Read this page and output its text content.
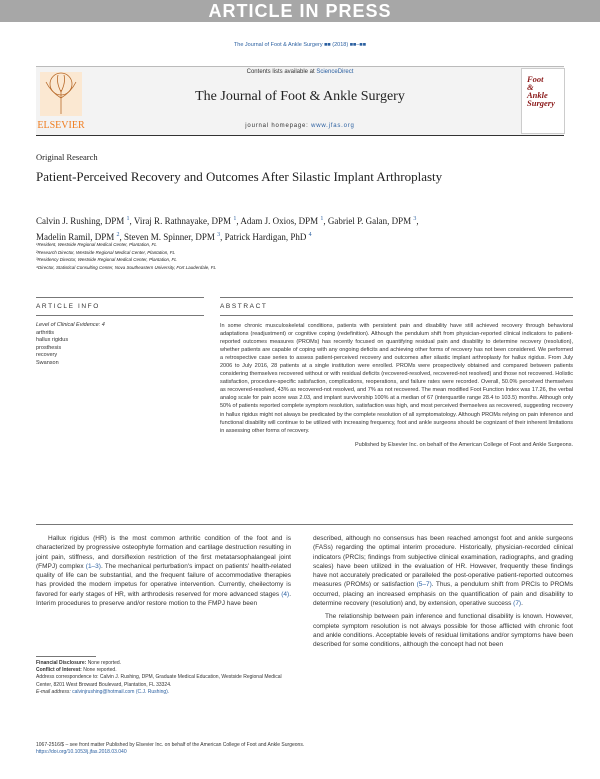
ARTICLE IN PRESS
The Journal of Foot & Ankle Surgery ■■ (2018) ■■–■■
ELSEVIER
Contents lists available at ScienceDirect
The Journal of Foot & Ankle Surgery
journal homepage: www.jfas.org
Foot
&
Ankle
Surgery
Original Research
Patient-Perceived Recovery and Outcomes After Silastic Implant Arthroplasty
Calvin J. Rushing, DPM $^1$, Viraj R. Rathnayake, DPM $^1$, Adam J. Oxios, DPM $^1$, Gabriel P. Galan, DPM $^3$,
Madelin Ramil, DPM $^2$, Steven M. Spinner, DPM $^3$, Patrick Hardigan, PhD $^4$
¹Resident, Westside Regional Medical Center, Plantation, FL
²Research Director, Westside Regional Medical Center, Plantation, FL
³Residency Director, Westside Regional Medical Center, Plantation, FL
⁴Director, Statistical Consulting Center, Nova Southeastern University, Fort Lauderdale, FL
ARTICLE INFO	ABSTRACT
Level of Clinical Evidence: 4
arthritis
hallux rigidus
prosthesis
recovery
Swanson
In some chronic musculoskeletal conditions, patients with persistent pain and disability have still achieved recovery through behavioral adaptations (readjustment) or cognitive coping (redefinition). Although the pendulum shift from physician-reported clinical indicators to patient-reported outcomes measures (PROMs) has recently focused on quantifying residual pain and disability to determine recovery (resolution), whether patients are capable of coping with any ongoing deficits and achieving other forms of recovery has not been considered. We performed a retrospective case series to assess patient-perceived recovery and outcomes after silastic implant arthroplasty for hallux rigidus. From July 2006 to July 2016, 28 patients at a single institution were enrolled. PROMs were prospectively obtained and compared between patients considering themselves recovered without or with residual deficits (recovered-resolved, recovered-not resolved) and those not recovered. Holistic satisfaction, procedure-specific satisfaction, complications, reoperations, and failure rates were recorded. Overall, 50.0% perceived themselves as recovered-resolved, 43% as recovered-not resolved, and 7% as not recovered. The mean modified Foot Function Index was 17.26, the verbal analog scale for pain score was 2.03, and implant survivorship 100% at a median of 67 (interquartile range 28.4 to 103.5) months. Although only 50% of patients reported complete symptom resolution, satisfaction was high, and most perceived themselves as recovered, suggesting recovery in hallux rigidus might not always be predicated by the complete resolution of all symptomatology. Although PROMs relying on pain inference and functional disability will continue to be utilized with increasing frequency, foot and ankle surgeons should be cognizant of their inherent limitations in assessing other forms of recovery.
Published by Elsevier Inc. on behalf of the American College of Foot and Ankle Surgeons.

Hallux rigidus (HR) is the most common arthritic condition of the foot and is characterized by progressive osteophyte formation and cartilage destruction resulting in joint pain, stiffness, and dorsiflexion restriction of the first metatarsophalangeal joint (FMPJ) complex (1–3). The mechanical perturbation's impact on patients' health-related quality of life can be substantial, and the frequent failure of accommodative therapies has provided the modern impetus for operative intervention. Currently, cheilectomy is favored for early stages of HR, with arthrodesis reserved for more advanced stages (4). Interim procedures to preserve and/or restore motion to the FMPJ have been

described, although no consensus has been reached amongst foot and ankle surgeons (FASs) regarding the optimal interim procedure. Historically, physician-recorded clinical indicators (PRCIs; findings from subjective clinical examination, radiographs, and grading scales) have been utilized in the evaluation of HR. However, frequently these findings have not accurately predicated or paralleled the post-operative patient-reported outcomes measures (PROMs) or satisfaction (5–7). Thus, a pendulum shift from PRCIs to PROMs occurred, placing an increased emphasis on the quantification of pain and disability to determine recovery (resolution) and, by extension, operative success (7).

The relationship between pain inference and functional disability is known. However, complete symptom resolution is not always possible for those afflicted with chronic foot and ankle conditions. Acceptable levels of residual limitations and/or symptoms have been described for some conditions, although the concept had not been

Financial Disclosure: None reported.
Conflict of Interest: None reported.
Address correspondence to: Calvin J. Rushing, DPM, Graduate Medical Education, Westside Regional Medical Center, 8201 West Broward Boulevard, Plantation, FL 33324.
E-mail address: calvinjrushing@hotmail.com (C.J. Rushing).
1067-2516/$ – see front matter Published by Elsevier Inc. on behalf of the American College of Foot and Ankle Surgeons.
https://doi.org/10.1053/j.jfas.2018.03.040
